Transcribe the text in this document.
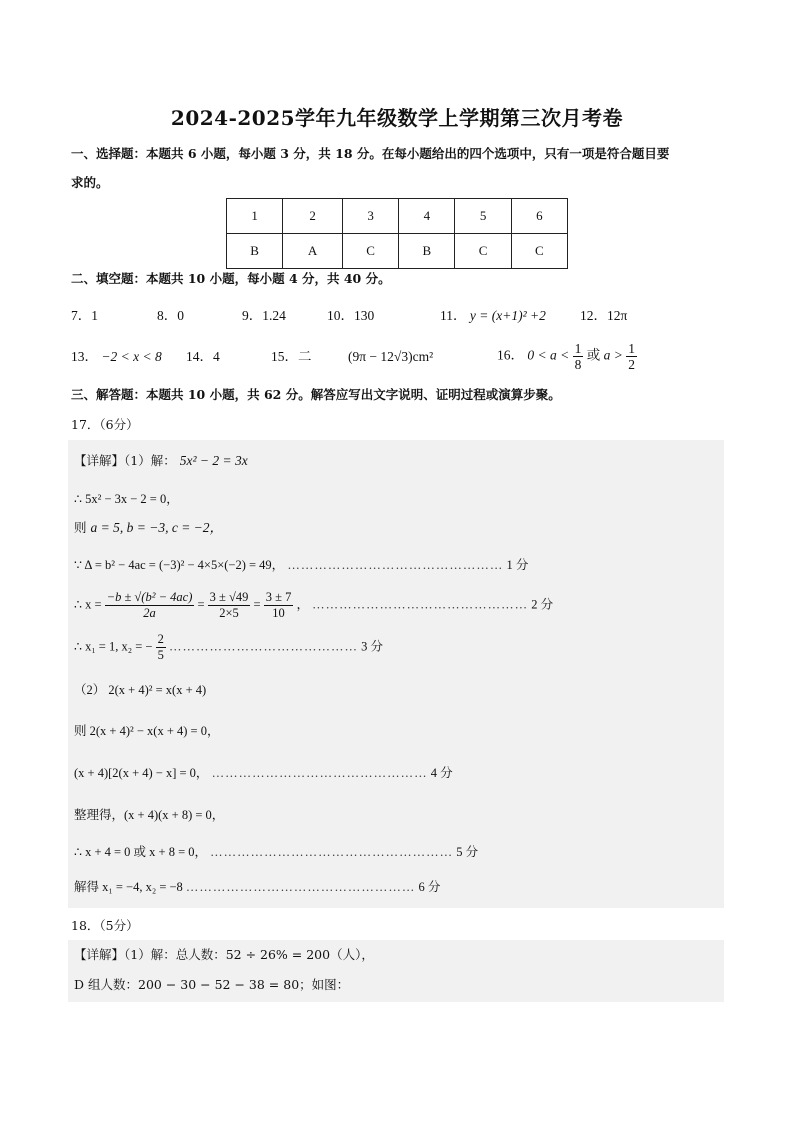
2024-2025学年九年级数学上学期第三次月考卷
一、选择题：本题共 6 小题，每小题 3 分，共 18 分。在每小题给出的四个选项中，只有一项是符合题目要
求的。
1	2	3	4	5	6
B	A	C	B	C	C
二、填空题：本题共 10 小题，每小题 4 分，共 40 分。
7．1	8．0	9．1.24	10．130	11． y = (x+1)² +2	12．12π
13． −2 < x < 8 14．4	15．二	(9π − 12√3)cm²	16． $0 < a < \frac{1}{8}$ 或 $a > \frac{1}{2}$
三、解答题：本题共 10 小题，共 62 分。解答应写出文字说明、证明过程或演算步聚。
17．（6分）
【详解】（1）解： 5x² − 2 = 3x
∴ 5x² − 3x − 2 = 0，
则 a = 5, b = −3, c = −2，
∵ Δ = b² − 4ac = (−3)² − 4×5×(−2) = 49， ………………………………………… 1 分
∴ $x = \frac{\text{−b ± √(b² − 4ac)}}{2a} = \frac{3 \pm √49}{2\times 5} = \frac{3 \pm 7}{10}$ ， ………………………………………… 2 分
∴ x₁ = 1, x₂ = − $\frac{2}{5}$ …………………………………… 3 分
（2） 2(x + 4)² = x(x + 4)
则 2(x + 4)² − x(x + 4) = 0，
(x + 4)[2(x + 4) − x] = 0， ………………………………………… 4 分
整理得，(x + 4)(x + 8) = 0，
∴ x + 4 = 0 或 x + 8 = 0， ……………………………………………… 5 分
解得 x₁ = −4, x₂ = −8 …………………………………………… 6 分
18．（5分）
【详解】（1）解：总人数：52 ÷ 26% = 200（人），
D 组人数：200 − 30 − 52 − 38 = 80；如图：
